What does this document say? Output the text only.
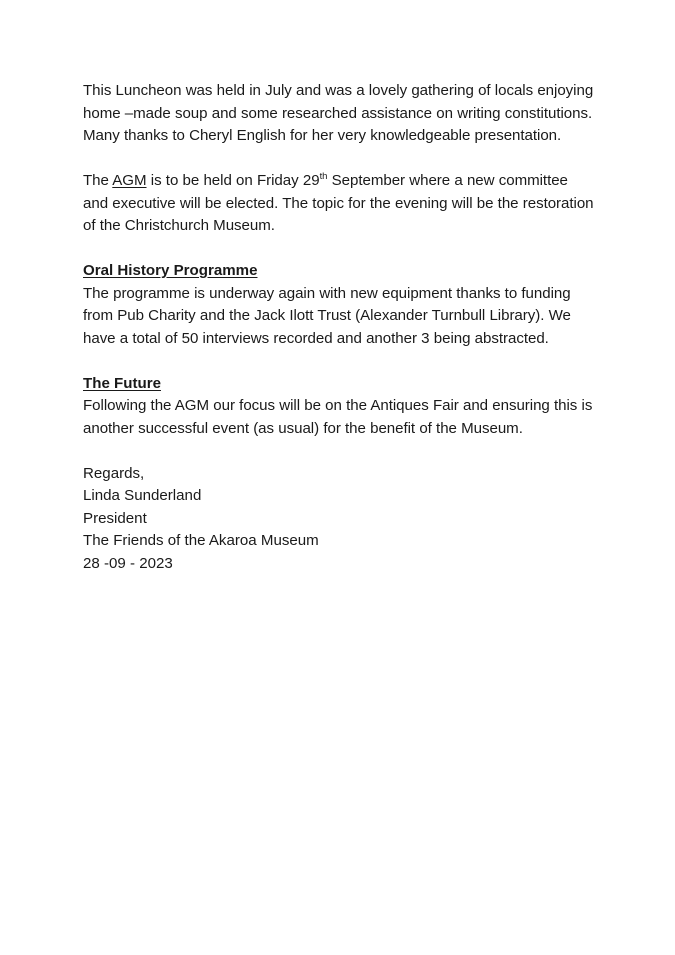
This Luncheon was held in July and was a lovely gathering of locals enjoying home –made soup and some researched assistance on writing constitutions. Many thanks to Cheryl English for her very knowledgeable presentation.

The AGM is to be held on Friday 29th September where a new committee and executive will be elected. The topic for the evening will be the restoration of the Christchurch Museum.

Oral History Programme

The programme is underway again with new equipment thanks to funding from Pub Charity and the Jack Ilott Trust (Alexander Turnbull Library). We have a total of 50 interviews recorded and another 3 being abstracted.

The Future

Following the AGM our focus will be on the Antiques Fair and ensuring this is another successful event (as usual) for the benefit of the Museum.

Regards,
Linda Sunderland
President
The Friends of the Akaroa Museum
28 -09 - 2023
